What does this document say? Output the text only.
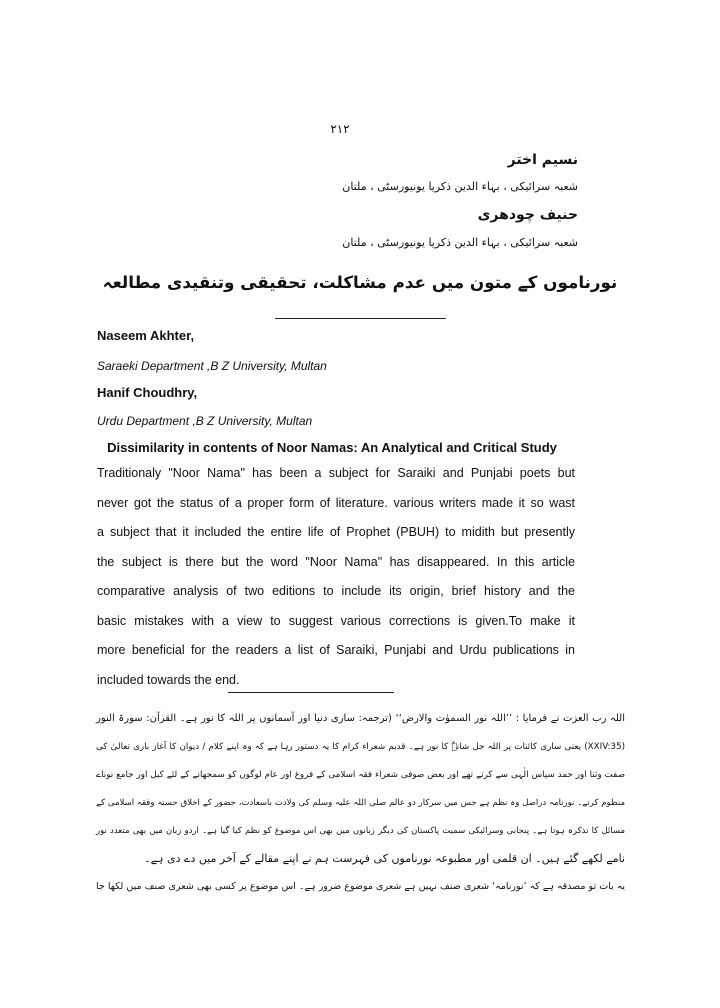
۲۱۲
نسیم اختر
شعبہ سرائیکی ، بہاء الدین ذکریا یونیورسٹی ، ملتان
حنیف چودھری
شعبہ سرائیکی ، بہاء الدین ذکریا یونیورسٹی ، ملتان
نورناموں کے متون میں عدم مشاکلت، تحقیقی وتنقیدی مطالعہ
Naseem Akhter,
Saraeki Department ,B Z University, Multan
Hanif Choudhry,
Urdu Department ,B Z University, Multan
Dissimilarity in contents of Noor Namas: An Analytical and Critical Study

Traditionaly "Noor Nama" has been a subject for Saraiki and Punjabi poets but

never got the status of a proper form of literature. various writers made it so wast

a subject that it included the entire life of Prophet (PBUH) to midith but presently

the subject is there but the word "Noor Nama" has disappeared. In this article

comparative analysis of two editions to include its origin, brief history and the

basic mistakes with a view to suggest various corrections is given.To make it

more beneficial for the readers a list of Saraiki, Punjabi and Urdu publications in

included towards the end.

اللہ رب العزت نے فرمایا : ’’اللہ نور السموٰت والارض‘‘ (ترجمہ: ساری دنیا اور آسمانوں پر اللہ کا نور ہے۔ القرآن: سورۃ النور

(XXIV:35) یعنی ساری کائنات پر اللہ جل شانہٗ کا نور ہے۔ قدیم شعراء کرام کا یہ دستور رہا ہے کہ وہ اپنے کلام / دیوان کا آغاز باری تعالیٰ کی

صفت وثنا اور حمد سپاس الٰہی سے کرتے تھے اور بعض صوفی شعراء فقہ اسلامی کے فروغ اور عام لوگوں کو سمجھانے کے لئے کبل اور جامع نوناے

منظوم کرتے۔ نورنامہ دراصل وہ نظم ہے جس میں سرکار دو عالم صلی اللہ علیہ وسلم کی ولادت باسعادت، حضور کے اخلاق حسنہ وفقہ اسلامی کے

مسائل کا تذکرہ ہوتا ہے۔ پنجابی وسرائیکی سمیت پاکستان کی دیگر زبانوں میں بھی اس موضوع کو نظم کیا گیا ہے۔ اردو زبان میں بھی متعدد نور

نامے لکھے گئے ہیں۔ ان قلمی اور مطبوعہ نورناموں کی فہرست ہم نے اپنے مقالے کے آخر میں دے دی ہے۔

یہ بات تو مصدقہ ہے کہ ’نورنامہ‘ شعری صنف نہیں ہے شعری موضوع ضرور ہے۔ اس موضوع پر کسی بھی شعری صنف میں لکھا جا
